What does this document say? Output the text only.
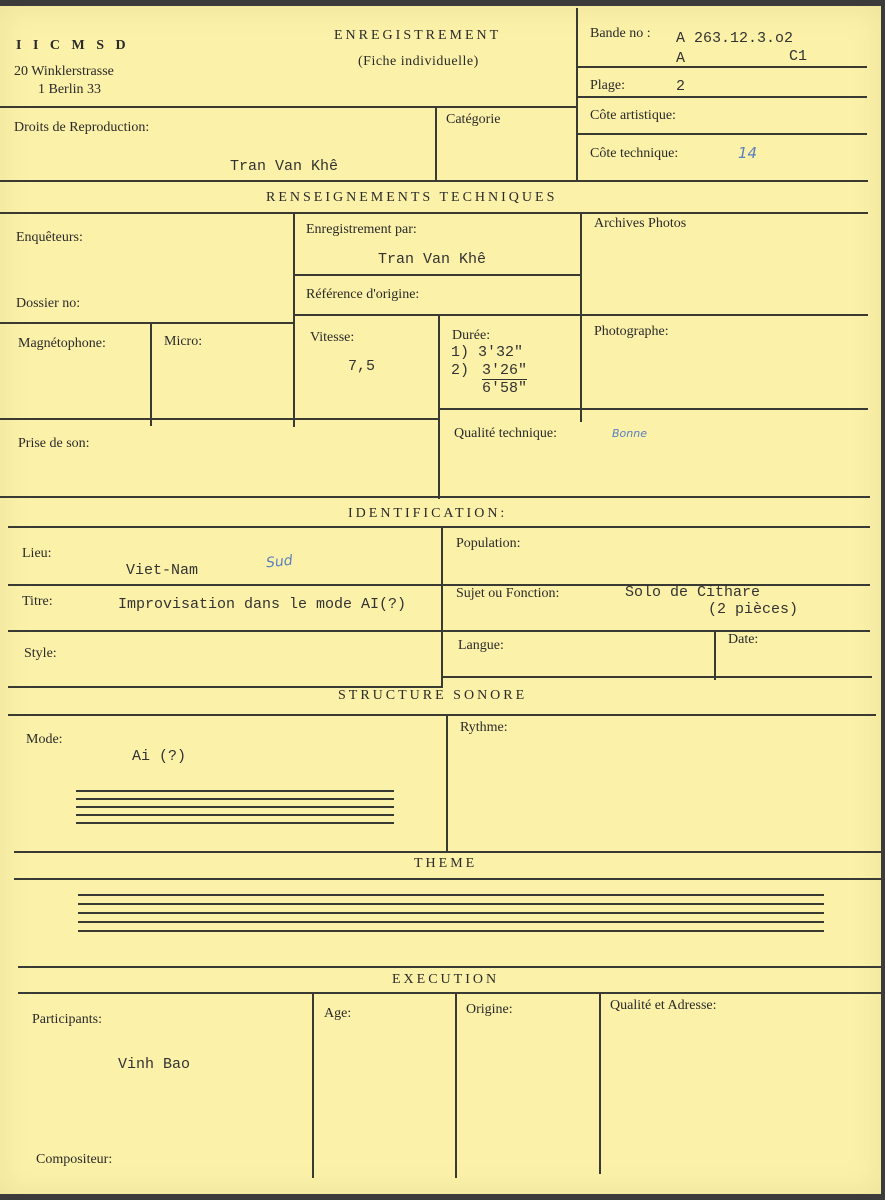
I I C M S D
20 Winklerstrasse
1 Berlin 33
ENREGISTREMENT
(Fiche individuelle)
Bande no : A 263.12.3.o2
A	C1
Plage:	2
Droits de Reproduction:
Tran Van Khê
Catégorie	Côte artistique:
Côte technique:	14
RENSEIGNEMENTS TECHNIQUES
Enquêteurs:
Dossier no:
Enregistrement par:
Tran Van Khê
Référence d'origine:
Archives Photos
Magnétophone:	Micro:	Vitesse:
7,5
Durée:
1) 3'32"
2) 3'26"
6'58"
Photographe:
Prise de son:
Qualité technique:	Bonne
IDENTIFICATION:
Lieu:
Viet-Nam	Sud
Population:
Titre:	Improvisation dans le mode AI(?)
Sujet ou Fonction:	Solo de Cithare
(2 pièces)
Style:
Langue:	Date:
STRUCTURE SONORE
Mode:
Ai (?)
Rythme:
THEME
EXECUTION
Participants:
Vinh Bao
Age:	Origine:	Qualité et Adresse:
Compositeur:
